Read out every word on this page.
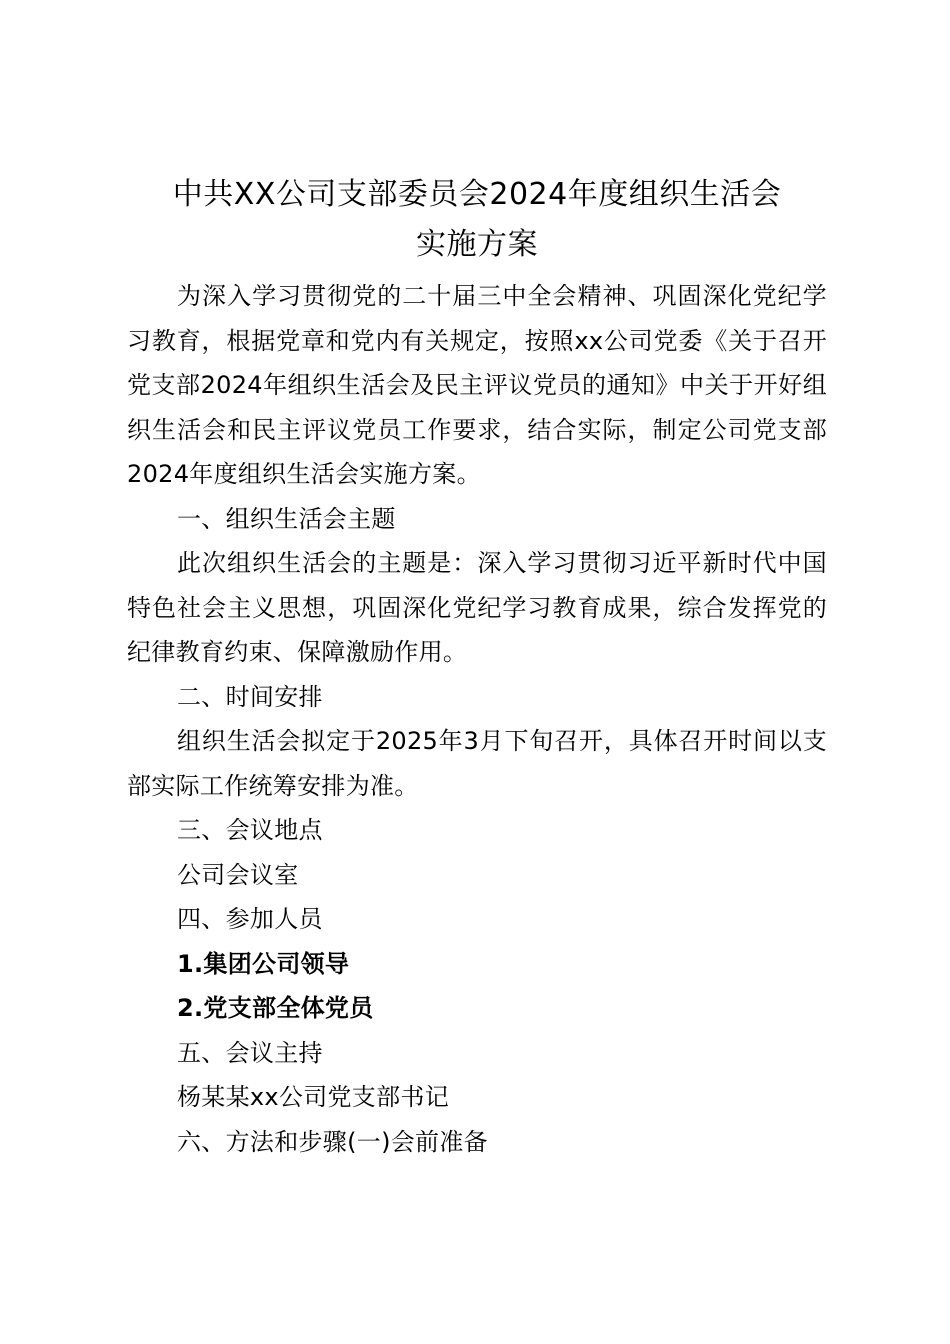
中共XX公司支部委员会2024年度组织生活会
实施方案

为深入学习贯彻党的二十届三中全会精神、巩固深化党纪学习教育，根据党章和党内有关规定，按照xx公司党委《关于召开党支部2024年组织生活会及民主评议党员的通知》中关于开好组织生活会和民主评议党员工作要求，结合实际，制定公司党支部2024年度组织生活会实施方案。

一、组织生活会主题

此次组织生活会的主题是：深入学习贯彻习近平新时代中国特色社会主义思想，巩固深化党纪学习教育成果，综合发挥党的纪律教育约束、保障激励作用。

二、时间安排

组织生活会拟定于2025年3月下旬召开，具体召开时间以支部实际工作统筹安排为准。

三、会议地点

公司会议室

四、参加人员

1.集团公司领导

2.党支部全体党员

五、会议主持

杨某某xx公司党支部书记

六、方法和步骤(一)会前准备
